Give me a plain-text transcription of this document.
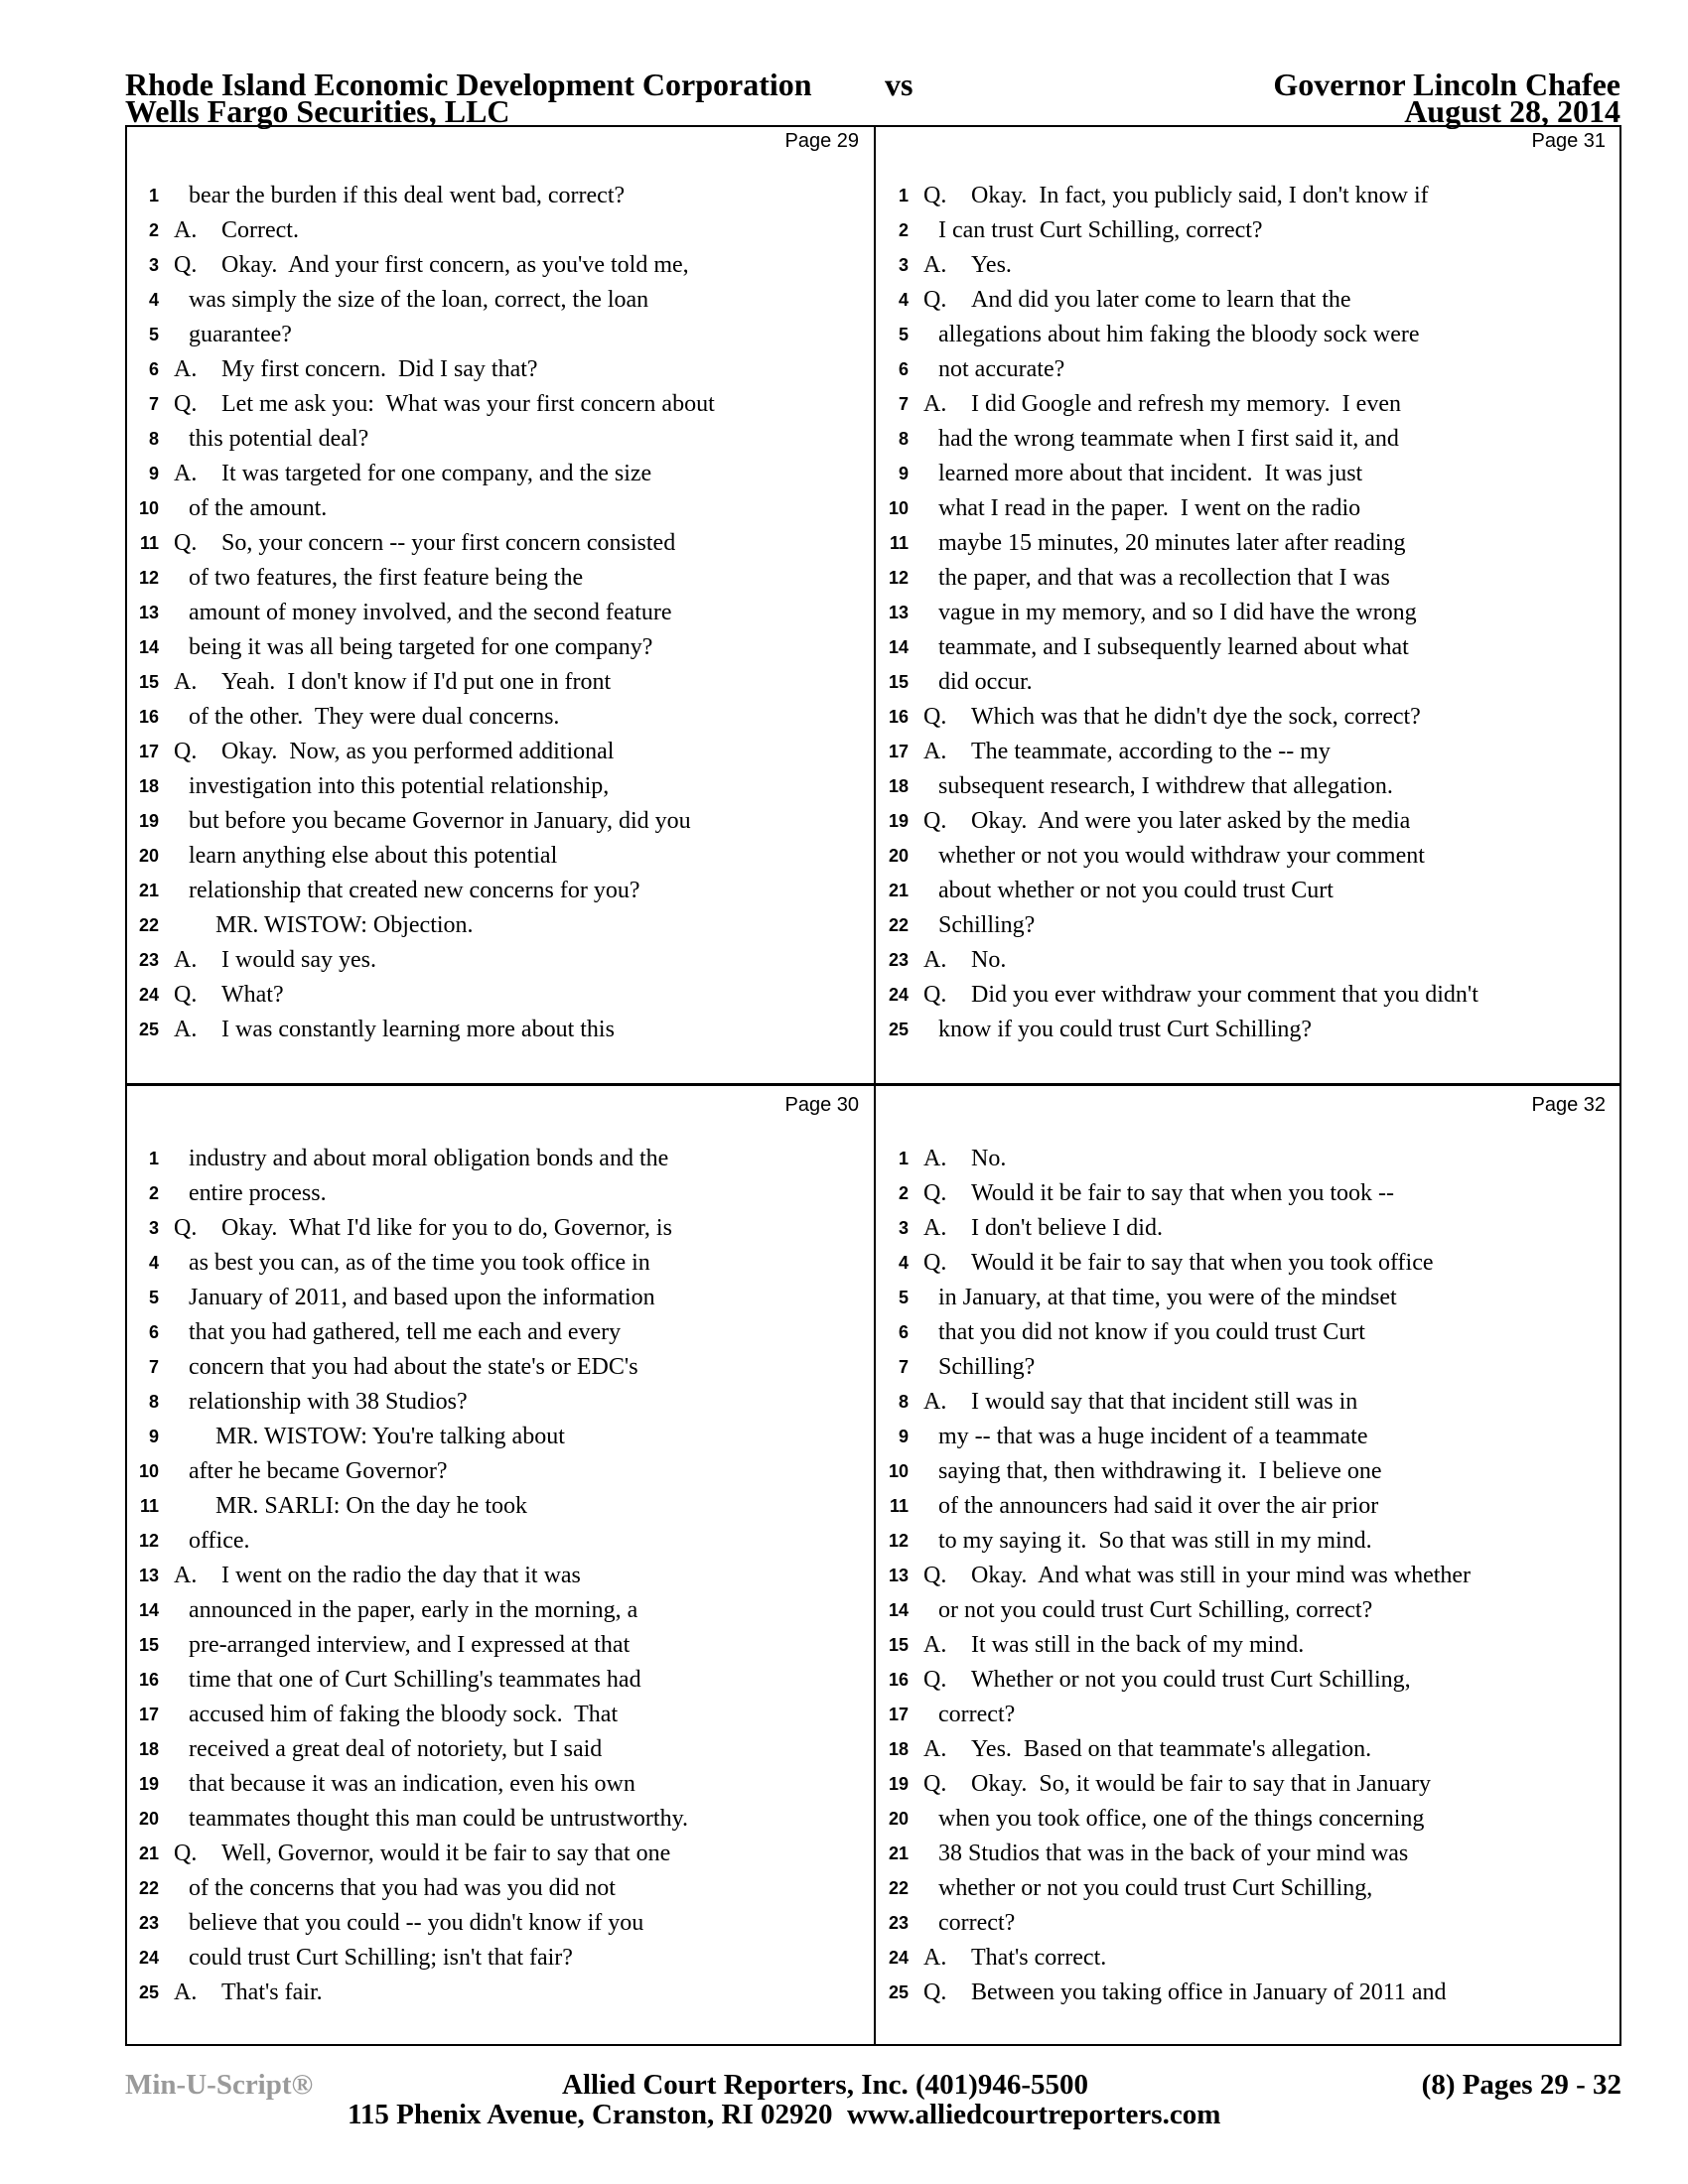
Rhode Island Economic Development Corporation vs
Wells Fargo Securities, LLC
Governor Lincoln Chafee
August 28, 2014
Page 29
1 bear the burden if this deal went bad, correct?
2 A. Correct.
3 Q. Okay.  And your first concern, as you've told me,
4 was simply the size of the loan, correct, the loan
5 guarantee?
6 A. My first concern.  Did I say that?
7 Q. Let me ask you:  What was your first concern about
8 this potential deal?
9 A. It was targeted for one company, and the size
10 of the amount.
11 Q. So, your concern -- your first concern consisted
12 of two features, the first feature being the
13 amount of money involved, and the second feature
14 being it was all being targeted for one company?
15 A. Yeah.  I don't know if I'd put one in front
16 of the other.  They were dual concerns.
17 Q. Okay.  Now, as you performed additional
18 investigation into this potential relationship,
19 but before you became Governor in January, did you
20 learn anything else about this potential
21 relationship that created new concerns for you?
22 MR. WISTOW: Objection.
23 A. I would say yes.
24 Q. What?
25 A. I was constantly learning more about this
Page 31
1 Q. Okay.  In fact, you publicly said, I don't know if
2 I can trust Curt Schilling, correct?
3 A. Yes.
4 Q. And did you later come to learn that the
5 allegations about him faking the bloody sock were
6 not accurate?
7 A. I did Google and refresh my memory.  I even
8 had the wrong teammate when I first said it, and
9 learned more about that incident.  It was just
10 what I read in the paper.  I went on the radio
11 maybe 15 minutes, 20 minutes later after reading
12 the paper, and that was a recollection that I was
13 vague in my memory, and so I did have the wrong
14 teammate, and I subsequently learned about what
15 did occur.
16 Q. Which was that he didn't dye the sock, correct?
17 A. The teammate, according to the -- my
18 subsequent research, I withdrew that allegation.
19 Q. Okay.  And were you later asked by the media
20 whether or not you would withdraw your comment
21 about whether or not you could trust Curt
22 Schilling?
23 A. No.
24 Q. Did you ever withdraw your comment that you didn't
25 know if you could trust Curt Schilling?
Page 30
1 industry and about moral obligation bonds and the
2 entire process.
3 Q. Okay.  What I'd like for you to do, Governor, is
4 as best you can, as of the time you took office in
5 January of 2011, and based upon the information
6 that you had gathered, tell me each and every
7 concern that you had about the state's or EDC's
8 relationship with 38 Studios?
9 MR. WISTOW: You're talking about
10 after he became Governor?
11 MR. SARLI: On the day he took
12 office.
13 A. I went on the radio the day that it was
14 announced in the paper, early in the morning, a
15 pre-arranged interview, and I expressed at that
16 time that one of Curt Schilling's teammates had
17 accused him of faking the bloody sock.  That
18 received a great deal of notoriety, but I said
19 that because it was an indication, even his own
20 teammates thought this man could be untrustworthy.
21 Q. Well, Governor, would it be fair to say that one
22 of the concerns that you had was you did not
23 believe that you could -- you didn't know if you
24 could trust Curt Schilling; isn't that fair?
25 A. That's fair.
Page 32
1 A. No.
2 Q. Would it be fair to say that when you took --
3 A. I don't believe I did.
4 Q. Would it be fair to say that when you took office
5 in January, at that time, you were of the mindset
6 that you did not know if you could trust Curt
7 Schilling?
8 A. I would say that that incident still was in
9 my -- that was a huge incident of a teammate
10 saying that, then withdrawing it.  I believe one
11 of the announcers had said it over the air prior
12 to my saying it.  So that was still in my mind.
13 Q. Okay.  And what was still in your mind was whether
14 or not you could trust Curt Schilling, correct?
15 A. It was still in the back of my mind.
16 Q. Whether or not you could trust Curt Schilling,
17 correct?
18 A. Yes.  Based on that teammate's allegation.
19 Q. Okay.  So, it would be fair to say that in January
20 when you took office, one of the things concerning
21 38 Studios that was in the back of your mind was
22 whether or not you could trust Curt Schilling,
23 correct?
24 A. That's correct.
25 Q. Between you taking office in January of 2011 and
Min-U-Script®	Allied Court Reporters, Inc. (401)946-5500	(8) Pages 29 - 32
115 Phenix Avenue, Cranston, RI 02920  www.alliedcourtreporters.com
